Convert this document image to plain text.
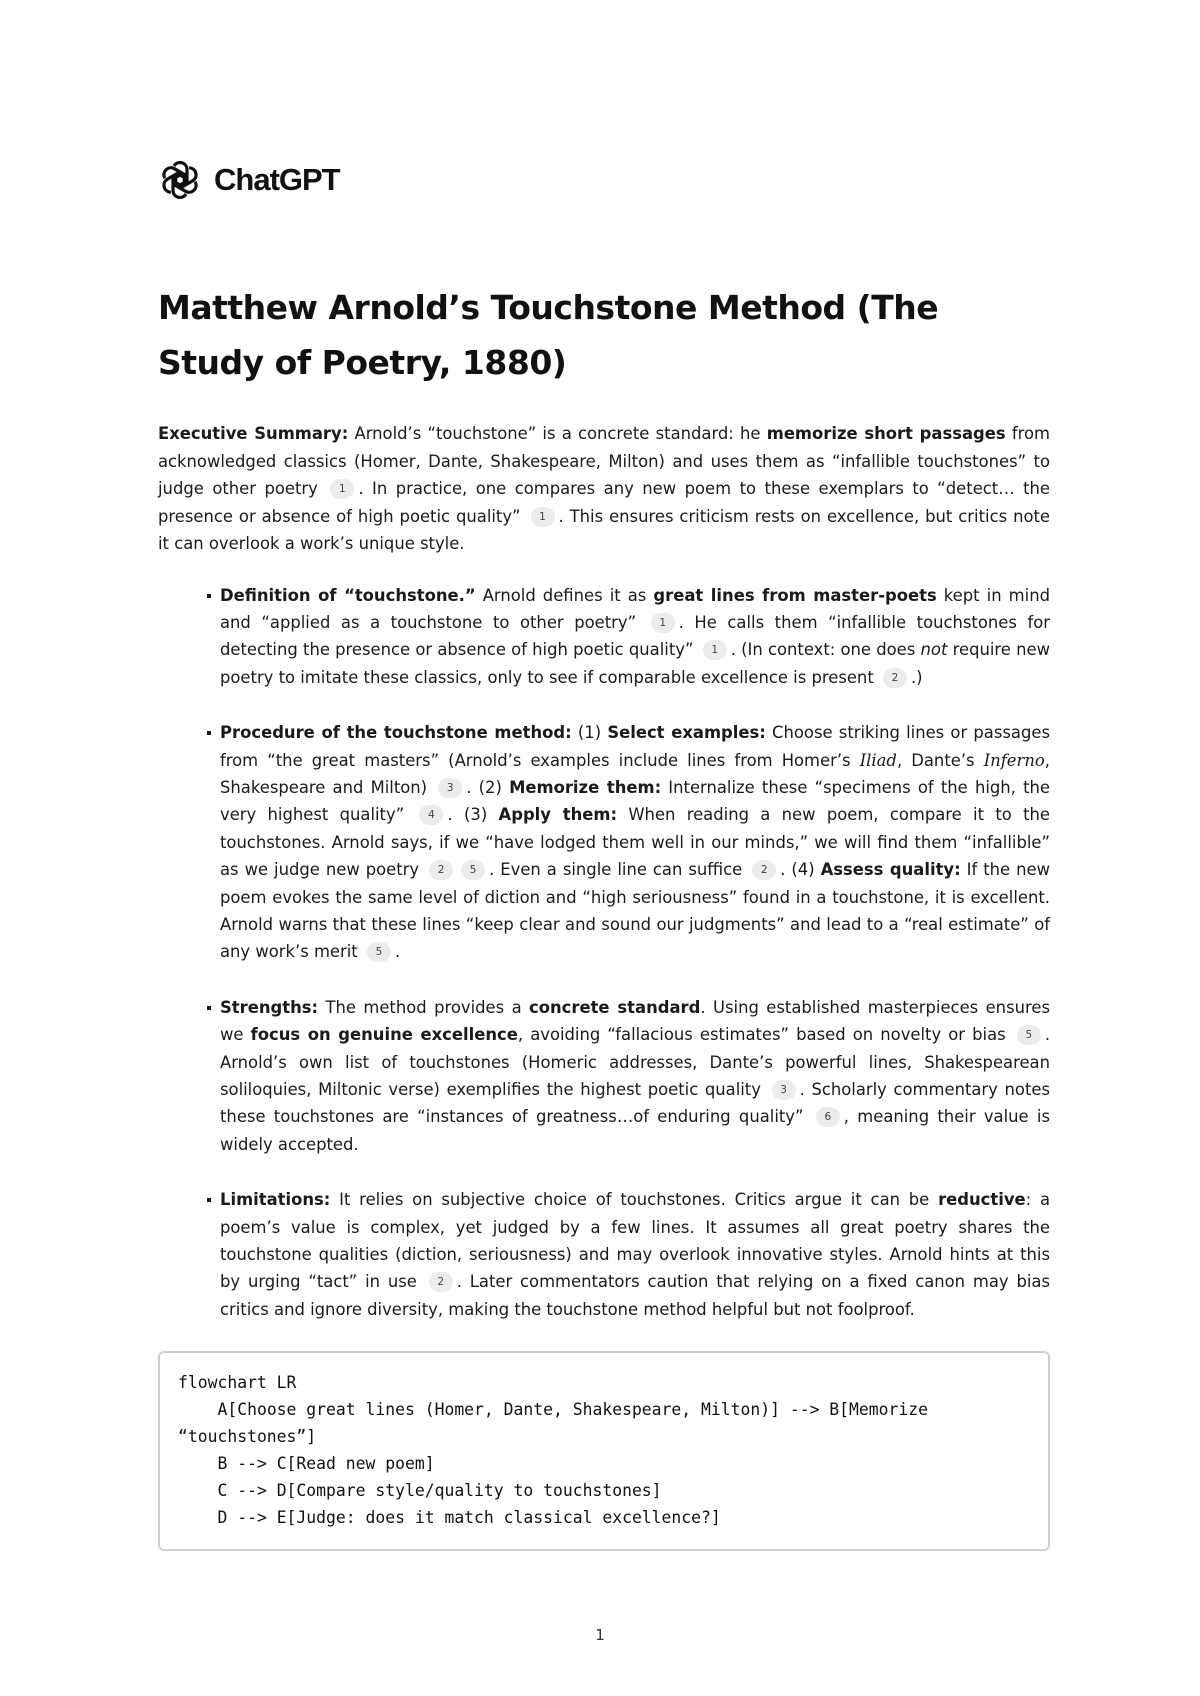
ChatGPT
Matthew Arnold’s Touchstone Method (The Study of Poetry, 1880)

Executive Summary: Arnold’s “touchstone” is a concrete standard: he memorize short passages from acknowledged classics (Homer, Dante, Shakespeare, Milton) and uses them as “infallible touchstones” to judge other poetry 1 . In practice, one compares any new poem to these exemplars to “detect… the presence or absence of high poetic quality” 1 . This ensures criticism rests on excellence, but critics note it can overlook a work’s unique style.

Definition of “touchstone.” Arnold defines it as great lines from master-poets kept in mind and “applied as a touchstone to other poetry” 1 . He calls them “infallible touchstones for detecting the presence or absence of high poetic quality” 1 . (In context: one does not require new poetry to imitate these classics, only to see if comparable excellence is present 2 .)
Procedure of the touchstone method: (1) Select examples: Choose striking lines or passages from “the great masters” (Arnold’s examples include lines from Homer’s Iliad, Dante’s Inferno, Shakespeare and Milton) 3 . (2) Memorize them: Internalize these “specimens of the high, the very highest quality” 4 . (3) Apply them: When reading a new poem, compare it to the touchstones. Arnold says, if we “have lodged them well in our minds,” we will find them “infallible” as we judge new poetry 2 5 . Even a single line can suffice 2 . (4) Assess quality: If the new poem evokes the same level of diction and “high seriousness” found in a touchstone, it is excellent. Arnold warns that these lines “keep clear and sound our judgments” and lead to a “real estimate” of any work’s merit 5 .
Strengths: The method provides a concrete standard. Using established masterpieces ensures we focus on genuine excellence, avoiding “fallacious estimates” based on novelty or bias 5 . Arnold’s own list of touchstones (Homeric addresses, Dante’s powerful lines, Shakespearean soliloquies, Miltonic verse) exemplifies the highest poetic quality 3 . Scholarly commentary notes these touchstones are “instances of greatness…of enduring quality” 6 , meaning their value is widely accepted.
Limitations: It relies on subjective choice of touchstones. Critics argue it can be reductive: a poem’s value is complex, yet judged by a few lines. It assumes all great poetry shares the touchstone qualities (diction, seriousness) and may overlook innovative styles. Arnold hints at this by urging “tact” in use 2 . Later commentators caution that relying on a fixed canon may bias critics and ignore diversity, making the touchstone method helpful but not foolproof.
flowchart LR
A[Choose great lines (Homer, Dante, Shakespeare, Milton)] --> B[Memorize “touchstones”]
B --> C[Read new poem]
C --> D[Compare style/quality to touchstones]
D --> E[Judge: does it match classical excellence?]
1
